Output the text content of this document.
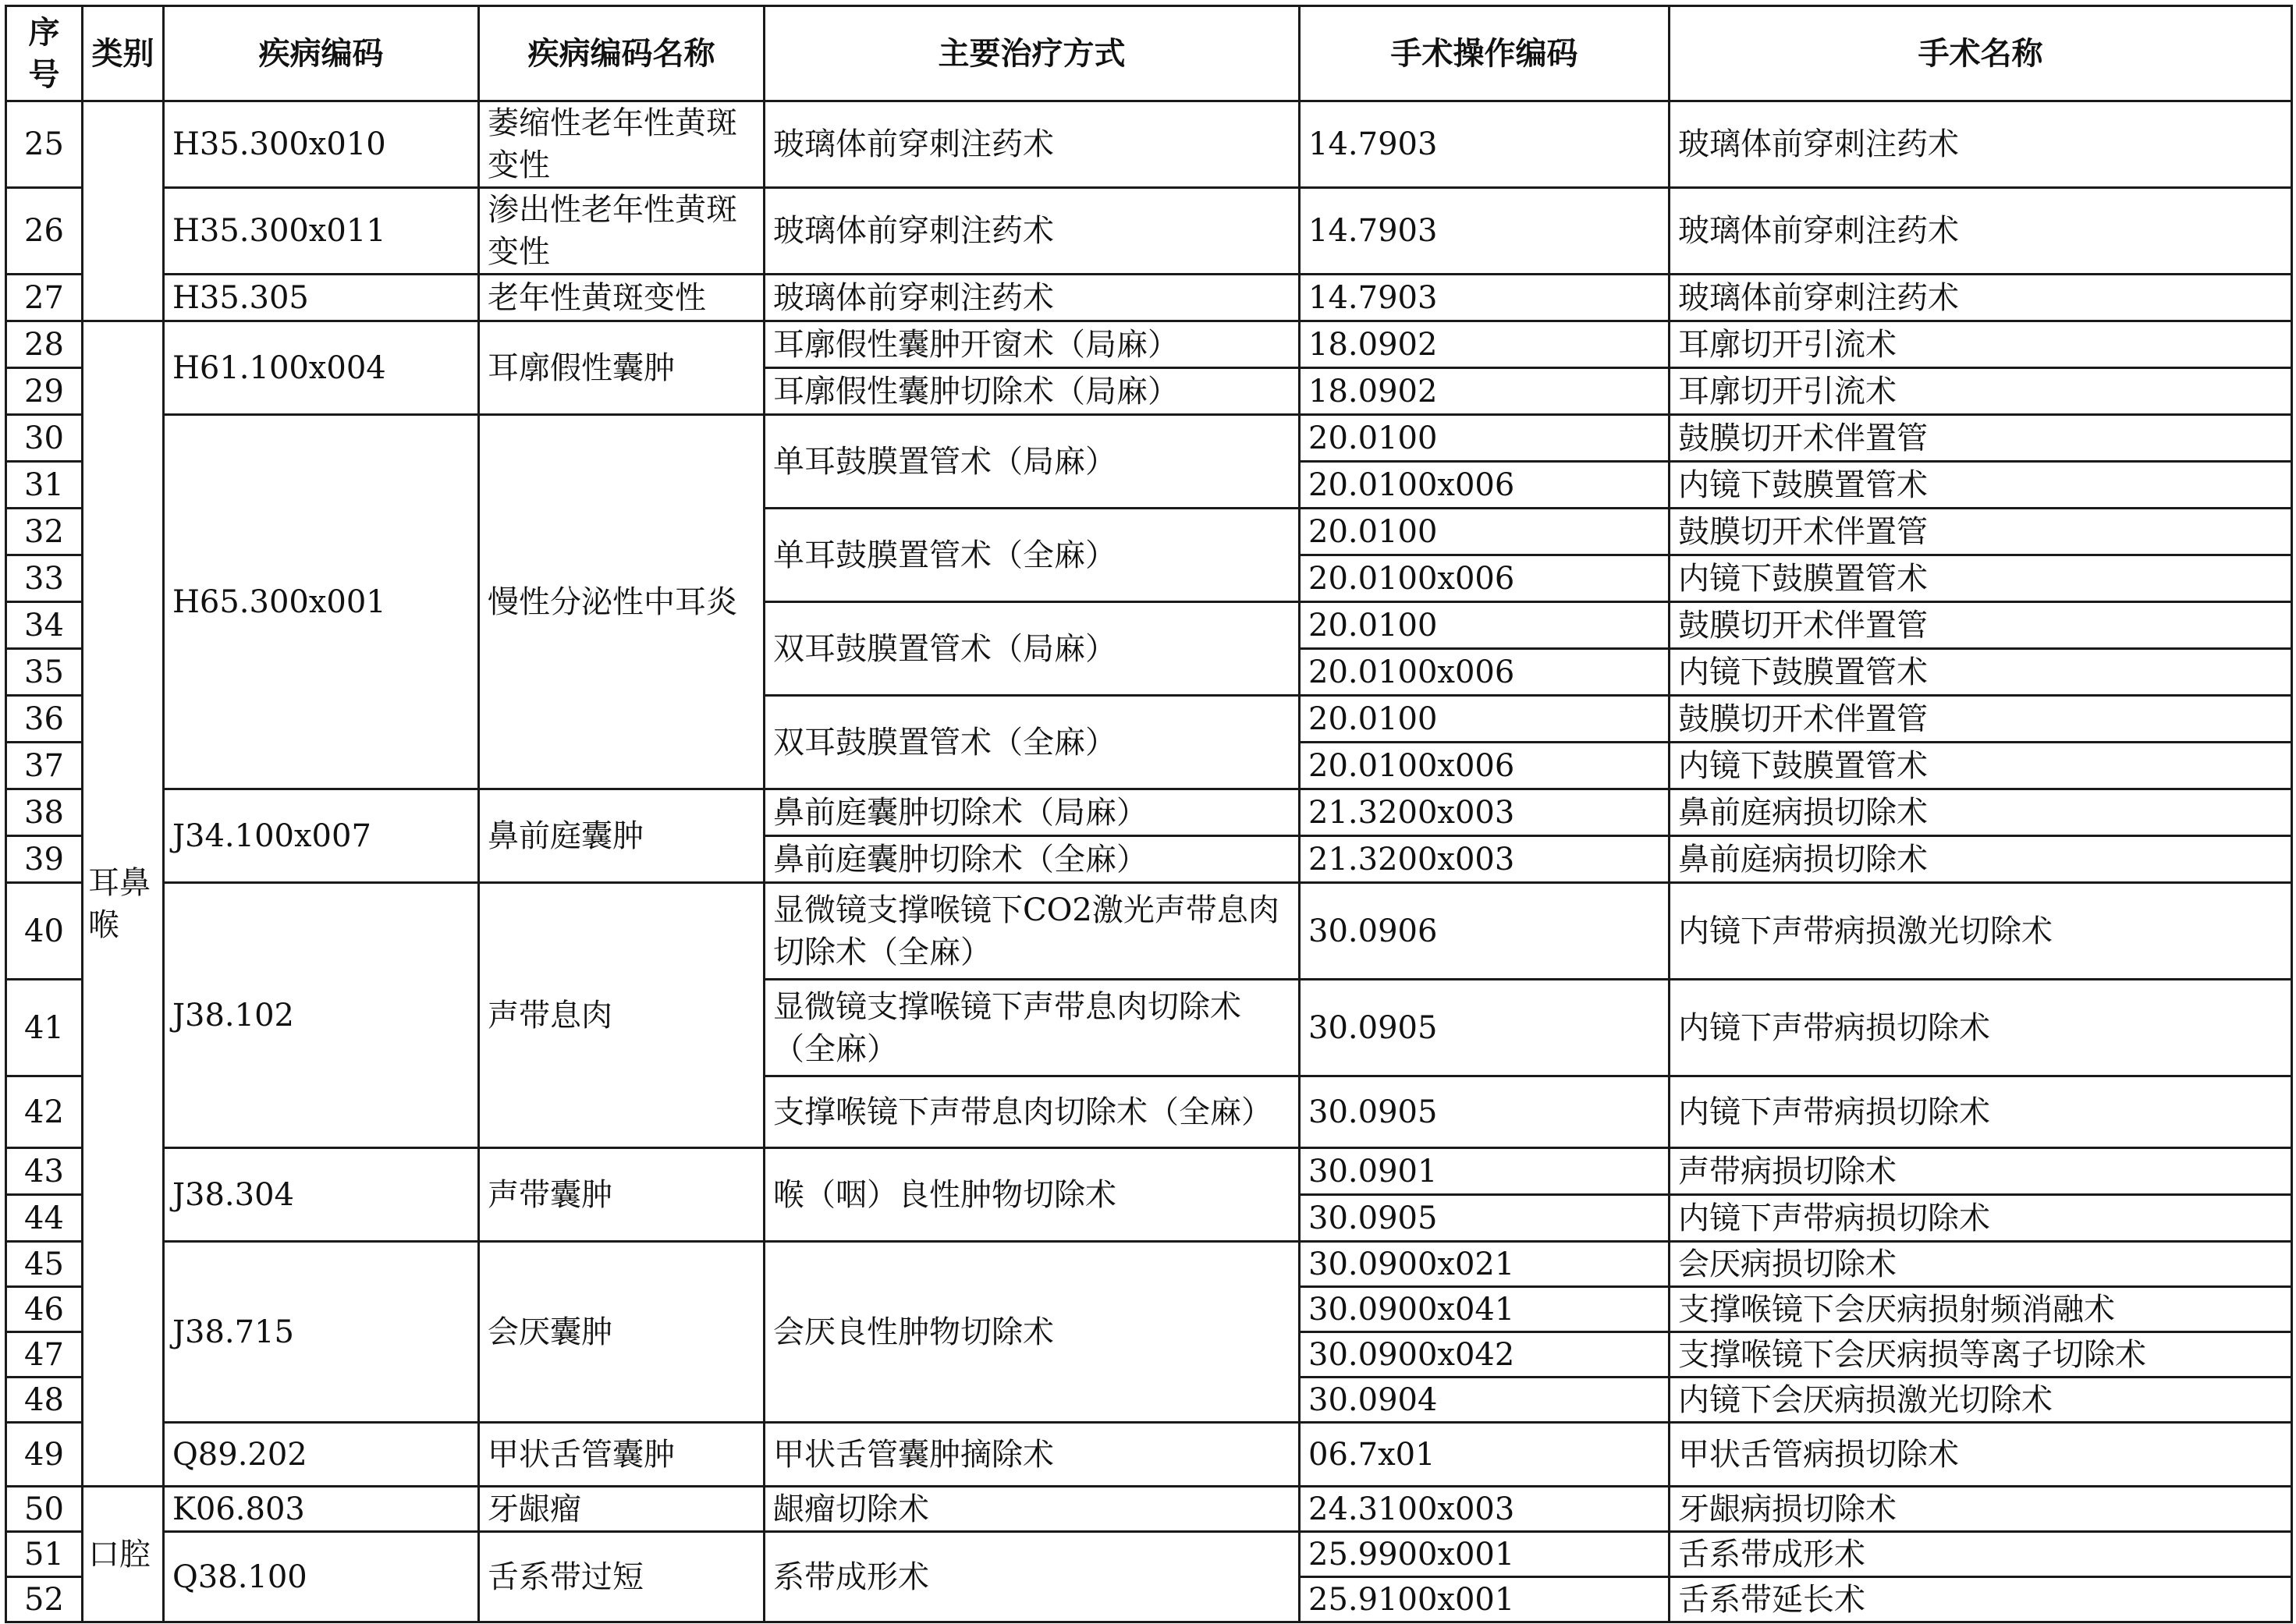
序号	类别	疾病编码	疾病编码名称	主要治疗方式	手术操作编码	手术名称
25		H35.300x010	萎缩性老年性黄斑变性	玻璃体前穿刺注药术	14.7903	玻璃体前穿刺注药术
26		H35.300x011	渗出性老年性黄斑变性	玻璃体前穿刺注药术	14.7903	玻璃体前穿刺注药术
27		H35.305	老年性黄斑变性	玻璃体前穿刺注药术	14.7903	玻璃体前穿刺注药术
28	耳鼻喉	H61.100x004	耳廓假性囊肿	耳廓假性囊肿开窗术（局麻）	18.0902	耳廓切开引流术
29				耳廓假性囊肿切除术（局麻）	18.0902	耳廓切开引流术
30		H65.300x001	慢性分泌性中耳炎	单耳鼓膜置管术（局麻）	20.0100	鼓膜切开术伴置管
31					20.0100x006	内镜下鼓膜置管术
32				单耳鼓膜置管术（全麻）	20.0100	鼓膜切开术伴置管
33					20.0100x006	内镜下鼓膜置管术
34				双耳鼓膜置管术（局麻）	20.0100	鼓膜切开术伴置管
35					20.0100x006	内镜下鼓膜置管术
36				双耳鼓膜置管术（全麻）	20.0100	鼓膜切开术伴置管
37					20.0100x006	内镜下鼓膜置管术
38		J34.100x007	鼻前庭囊肿	鼻前庭囊肿切除术（局麻）	21.3200x003	鼻前庭病损切除术
39				鼻前庭囊肿切除术（全麻）	21.3200x003	鼻前庭病损切除术
40		J38.102	声带息肉	显微镜支撑喉镜下CO2激光声带息肉切除术（全麻）	30.0906	内镜下声带病损激光切除术
41				显微镜支撑喉镜下声带息肉切除术（全麻）	30.0905	内镜下声带病损切除术
42				支撑喉镜下声带息肉切除术（全麻）	30.0905	内镜下声带病损切除术
43		J38.304	声带囊肿	喉（咽）良性肿物切除术	30.0901	声带病损切除术
44					30.0905	内镜下声带病损切除术
45		J38.715	会厌囊肿	会厌良性肿物切除术	30.0900x021	会厌病损切除术
46					30.0900x041	支撑喉镜下会厌病损射频消融术
47					30.0900x042	支撑喉镜下会厌病损等离子切除术
48					30.0904	内镜下会厌病损激光切除术
49		Q89.202	甲状舌管囊肿	甲状舌管囊肿摘除术	06.7x01	甲状舌管病损切除术
50	口腔	K06.803	牙龈瘤	龈瘤切除术	24.3100x003	牙龈病损切除术
51		Q38.100	舌系带过短	系带成形术	25.9900x001	舌系带成形术
52					25.9100x001	舌系带延长术
